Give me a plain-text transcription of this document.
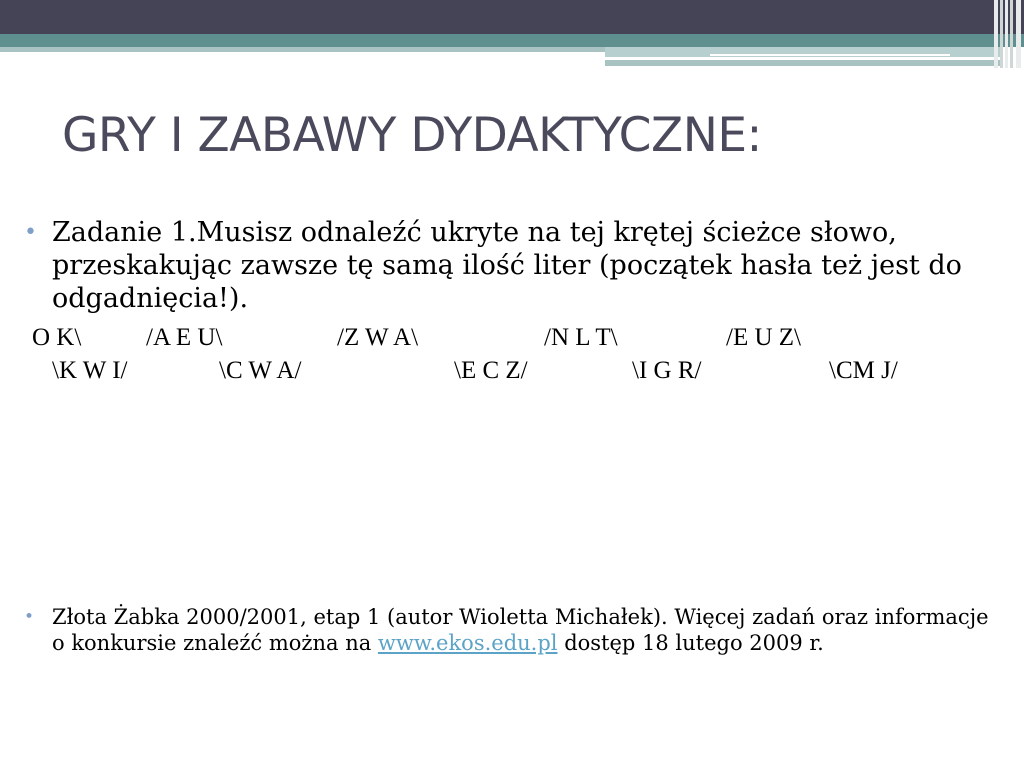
GRY I ZABAWY DYDAKTYCZNE:
• Zadanie 1.Musisz odnaleźć ukryte na tej krętej ścieżce słowo, przeskakując zawsze tę samą ilość liter (początek hasła też jest do odgadnięcia!).

O K\

	/A E U\

	/Z W A\

	/N L T\

	/E U Z\

\K W I/

	\C W A/

	\E C Z/

	\I G R/

	\CM J/

• Złota Żabka 2000/2001, etap 1 (autor Wioletta Michałek). Więcej zadań oraz informacje o konkursie znaleźć można na www.ekos.edu.pl dostęp 18 lutego 2009 r.
